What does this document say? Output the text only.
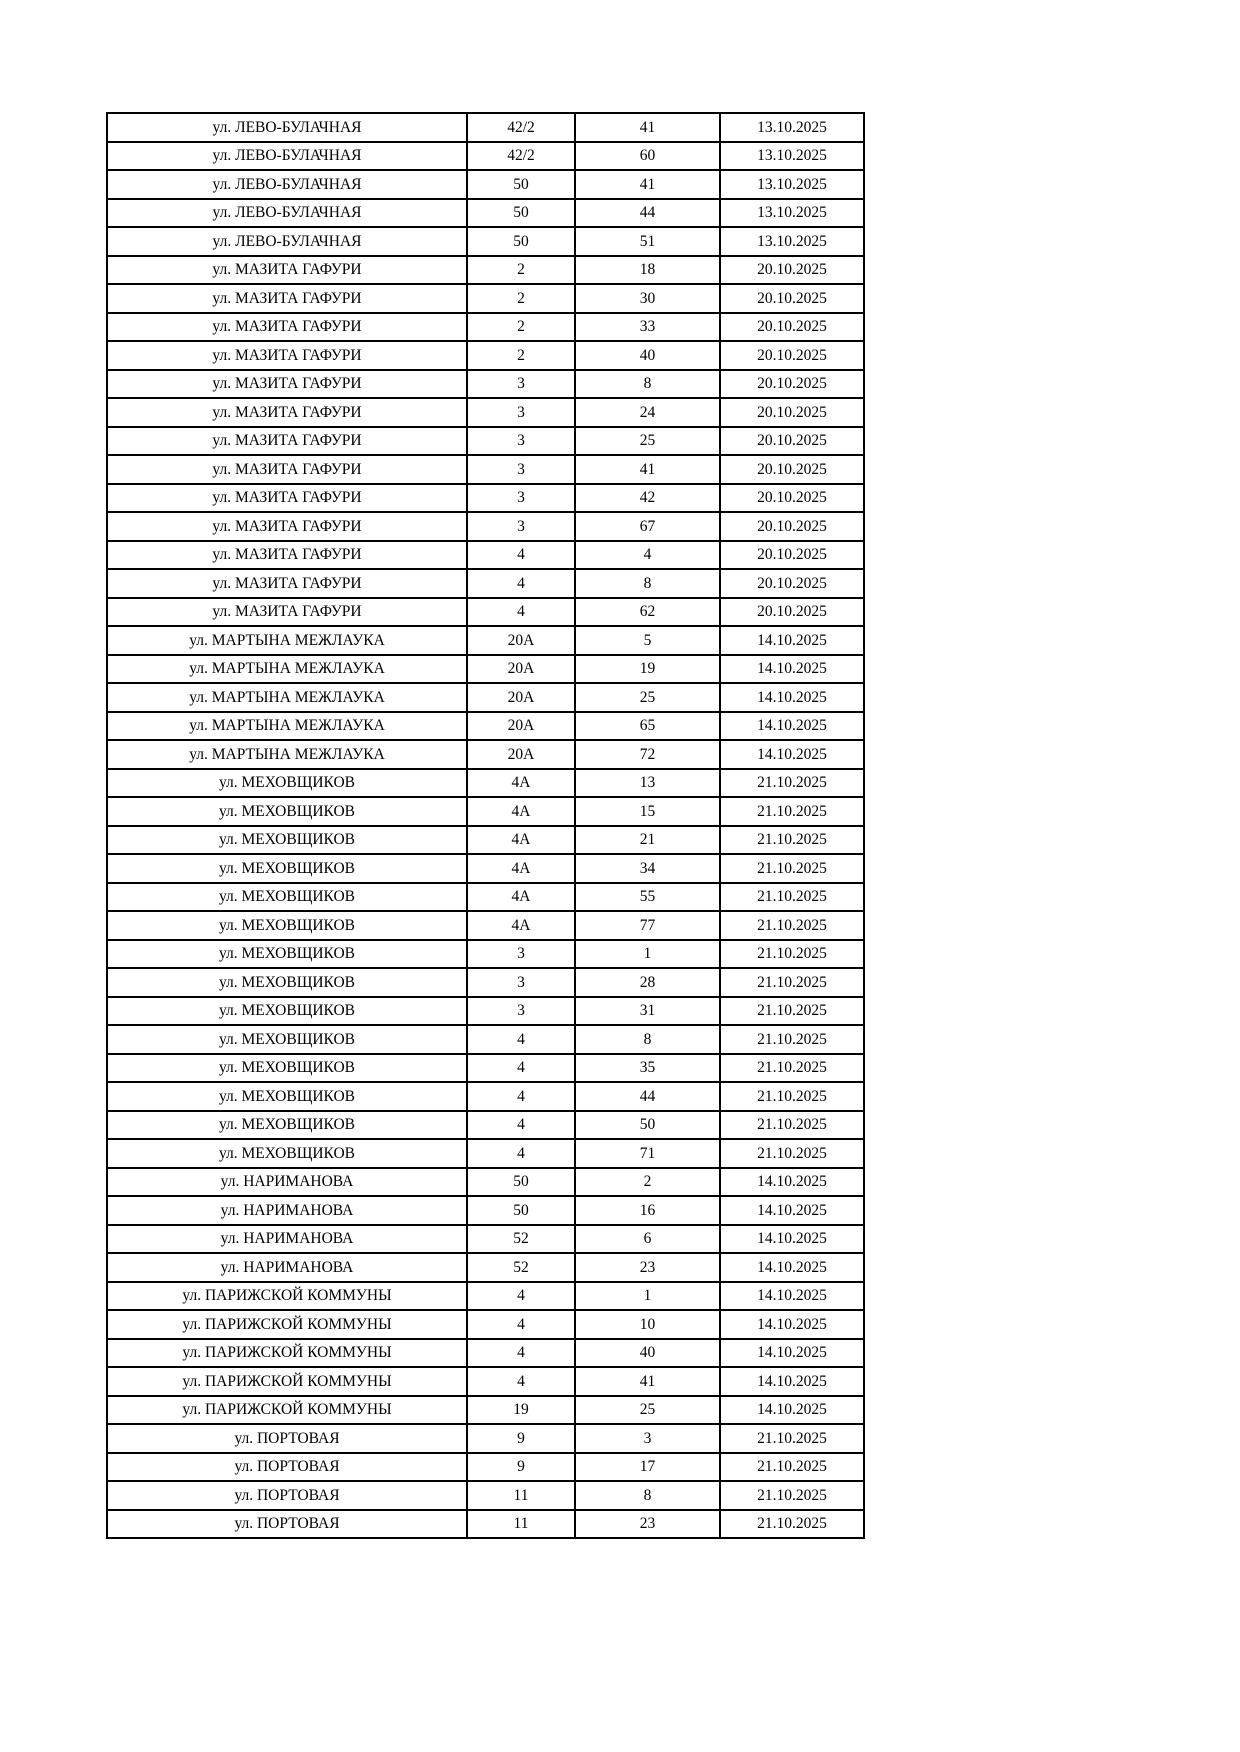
ул. ЛЕВО-БУЛАЧНАЯ	42/2	41	13.10.2025
ул. ЛЕВО-БУЛАЧНАЯ	42/2	60	13.10.2025
ул. ЛЕВО-БУЛАЧНАЯ	50	41	13.10.2025
ул. ЛЕВО-БУЛАЧНАЯ	50	44	13.10.2025
ул. ЛЕВО-БУЛАЧНАЯ	50	51	13.10.2025
ул. МАЗИТА ГАФУРИ	2	18	20.10.2025
ул. МАЗИТА ГАФУРИ	2	30	20.10.2025
ул. МАЗИТА ГАФУРИ	2	33	20.10.2025
ул. МАЗИТА ГАФУРИ	2	40	20.10.2025
ул. МАЗИТА ГАФУРИ	3	8	20.10.2025
ул. МАЗИТА ГАФУРИ	3	24	20.10.2025
ул. МАЗИТА ГАФУРИ	3	25	20.10.2025
ул. МАЗИТА ГАФУРИ	3	41	20.10.2025
ул. МАЗИТА ГАФУРИ	3	42	20.10.2025
ул. МАЗИТА ГАФУРИ	3	67	20.10.2025
ул. МАЗИТА ГАФУРИ	4	4	20.10.2025
ул. МАЗИТА ГАФУРИ	4	8	20.10.2025
ул. МАЗИТА ГАФУРИ	4	62	20.10.2025
ул. МАРТЫНА МЕЖЛАУКА	20А	5	14.10.2025
ул. МАРТЫНА МЕЖЛАУКА	20А	19	14.10.2025
ул. МАРТЫНА МЕЖЛАУКА	20А	25	14.10.2025
ул. МАРТЫНА МЕЖЛАУКА	20А	65	14.10.2025
ул. МАРТЫНА МЕЖЛАУКА	20А	72	14.10.2025
ул. МЕХОВЩИКОВ	4А	13	21.10.2025
ул. МЕХОВЩИКОВ	4А	15	21.10.2025
ул. МЕХОВЩИКОВ	4А	21	21.10.2025
ул. МЕХОВЩИКОВ	4А	34	21.10.2025
ул. МЕХОВЩИКОВ	4А	55	21.10.2025
ул. МЕХОВЩИКОВ	4А	77	21.10.2025
ул. МЕХОВЩИКОВ	3	1	21.10.2025
ул. МЕХОВЩИКОВ	3	28	21.10.2025
ул. МЕХОВЩИКОВ	3	31	21.10.2025
ул. МЕХОВЩИКОВ	4	8	21.10.2025
ул. МЕХОВЩИКОВ	4	35	21.10.2025
ул. МЕХОВЩИКОВ	4	44	21.10.2025
ул. МЕХОВЩИКОВ	4	50	21.10.2025
ул. МЕХОВЩИКОВ	4	71	21.10.2025
ул. НАРИМАНОВА	50	2	14.10.2025
ул. НАРИМАНОВА	50	16	14.10.2025
ул. НАРИМАНОВА	52	6	14.10.2025
ул. НАРИМАНОВА	52	23	14.10.2025
ул. ПАРИЖСКОЙ КОММУНЫ	4	1	14.10.2025
ул. ПАРИЖСКОЙ КОММУНЫ	4	10	14.10.2025
ул. ПАРИЖСКОЙ КОММУНЫ	4	40	14.10.2025
ул. ПАРИЖСКОЙ КОММУНЫ	4	41	14.10.2025
ул. ПАРИЖСКОЙ КОММУНЫ	19	25	14.10.2025
ул. ПОРТОВАЯ	9	3	21.10.2025
ул. ПОРТОВАЯ	9	17	21.10.2025
ул. ПОРТОВАЯ	11	8	21.10.2025
ул. ПОРТОВАЯ	11	23	21.10.2025
